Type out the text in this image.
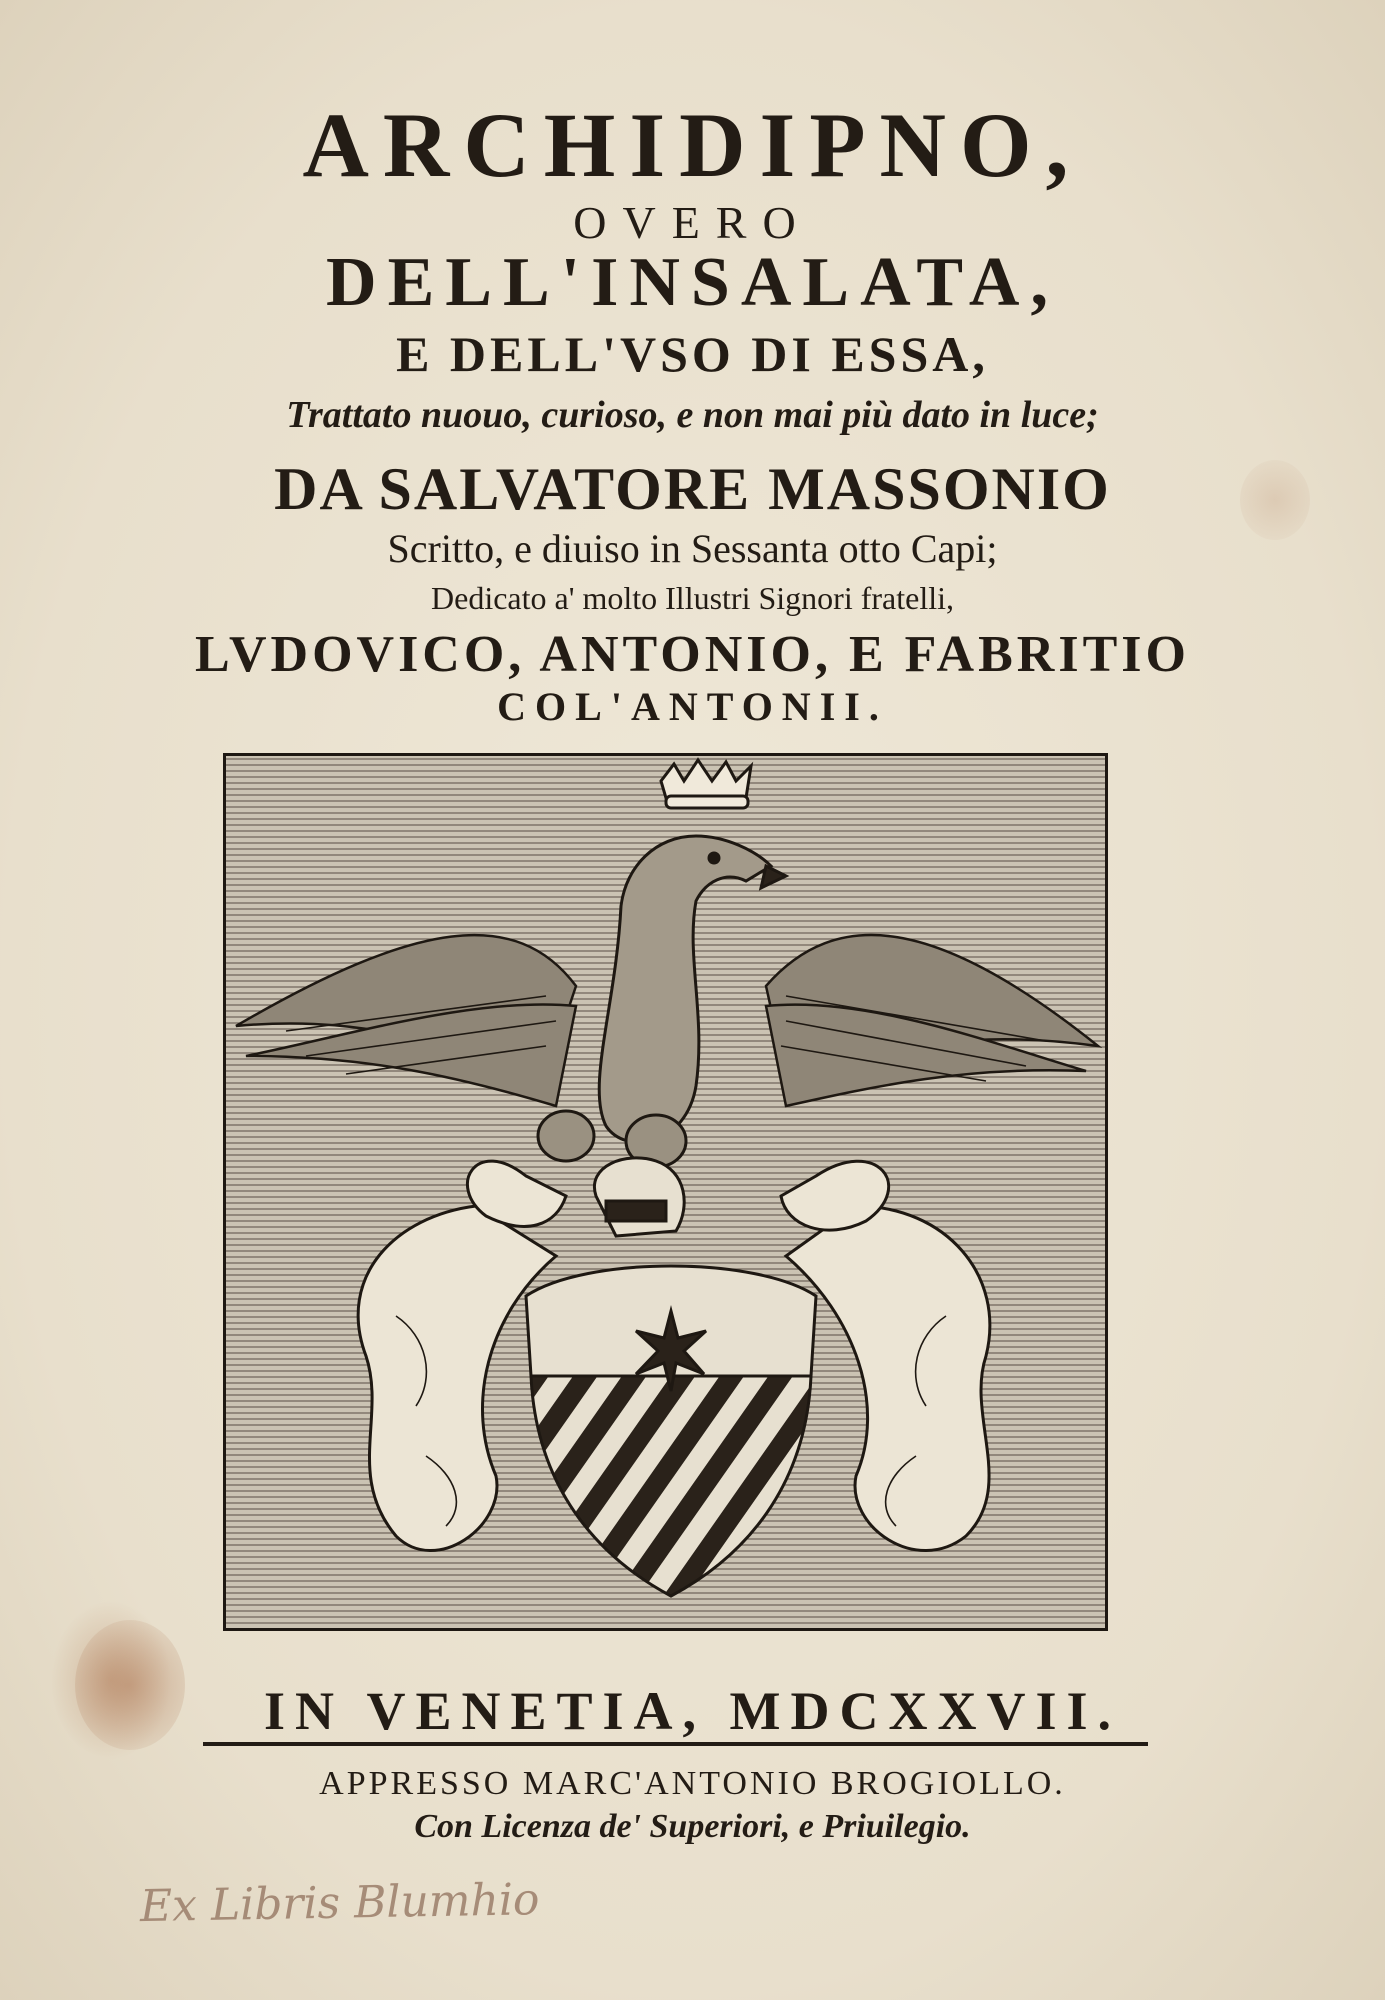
ARCHIDIPNO,
OVERO
DELL'INSALATA,
E DELL'VSO DI ESSA,
Trattato nuouo, curioso, e non mai più dato in luce;
DA SALVATORE MASSONIO
Scritto, e diuiso in Sessanta otto Capi;
Dedicato a' molto Illustri Signori fratelli,
LVDOVICO, ANTONIO, E FABRITIO
COL'ANTONII.
IN VENETIA, MDCXXVII.
APPRESSO MARC'ANTONIO BROGIOLLO.
Con Licenza de' Superiori, e Priuilegio.
Ex Libris Blumhio
